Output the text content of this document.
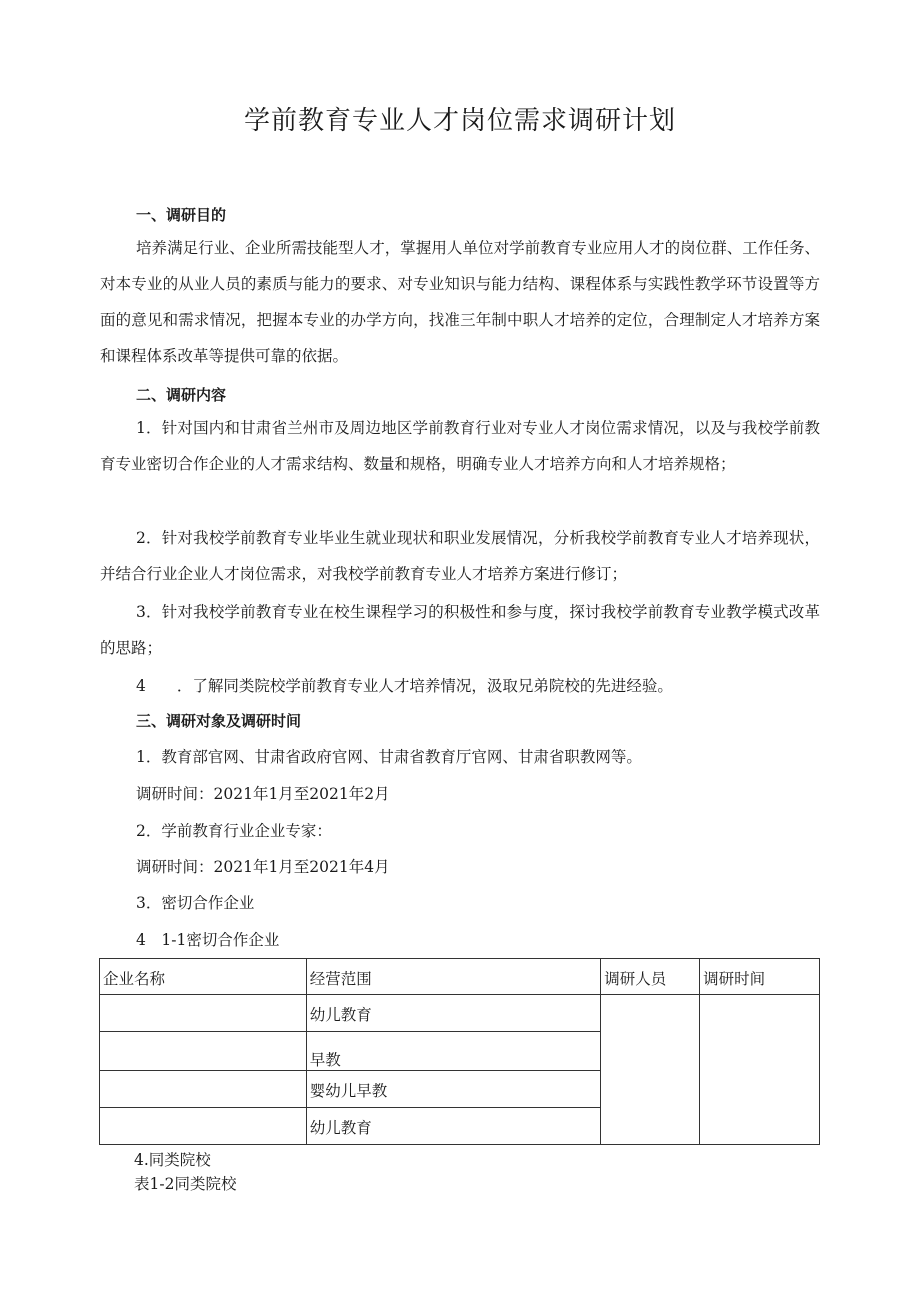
学前教育专业人才岗位需求调研计划
一、调研目的

培养满足行业、企业所需技能型人才，掌握用人单位对学前教育专业应用人才的岗位群、工作任务、对本专业的从业人员的素质与能力的要求、对专业知识与能力结构、课程体系与实践性教学环节设置等方面的意见和需求情况，把握本专业的办学方向，找准三年制中职人才培养的定位，合理制定人才培养方案和课程体系改革等提供可靠的依据。

二、调研内容

1．针对国内和甘肃省兰州市及周边地区学前教育行业对专业人才岗位需求情况，以及与我校学前教育专业密切合作企业的人才需求结构、数量和规格，明确专业人才培养方向和人才培养规格；

2．针对我校学前教育专业毕业生就业现状和职业发展情况，分析我校学前教育专业人才培养现状，并结合行业企业人才岗位需求，对我校学前教育专业人才培养方案进行修订；

3．针对我校学前教育专业在校生课程学习的积极性和参与度，探讨我校学前教育专业教学模式改革的思路；

4　　．了解同类院校学前教育专业人才培养情况，汲取兄弟院校的先进经验。

三、调研对象及调研时间
1．教育部官网、甘肃省政府官网、甘肃省教育厅官网、甘肃省职教网等。
调研时间：2021年1月至2021年2月
2．学前教育行业企业专家：
调研时间：2021年1月至2021年4月
3．密切合作企业
4　1-1密切合作企业
企业名称	经营范围	调研人员	调研时间
	幼儿教育		
	早教		
	婴幼儿早教		
	幼儿教育		
4.同类院校
表1-2同类院校
